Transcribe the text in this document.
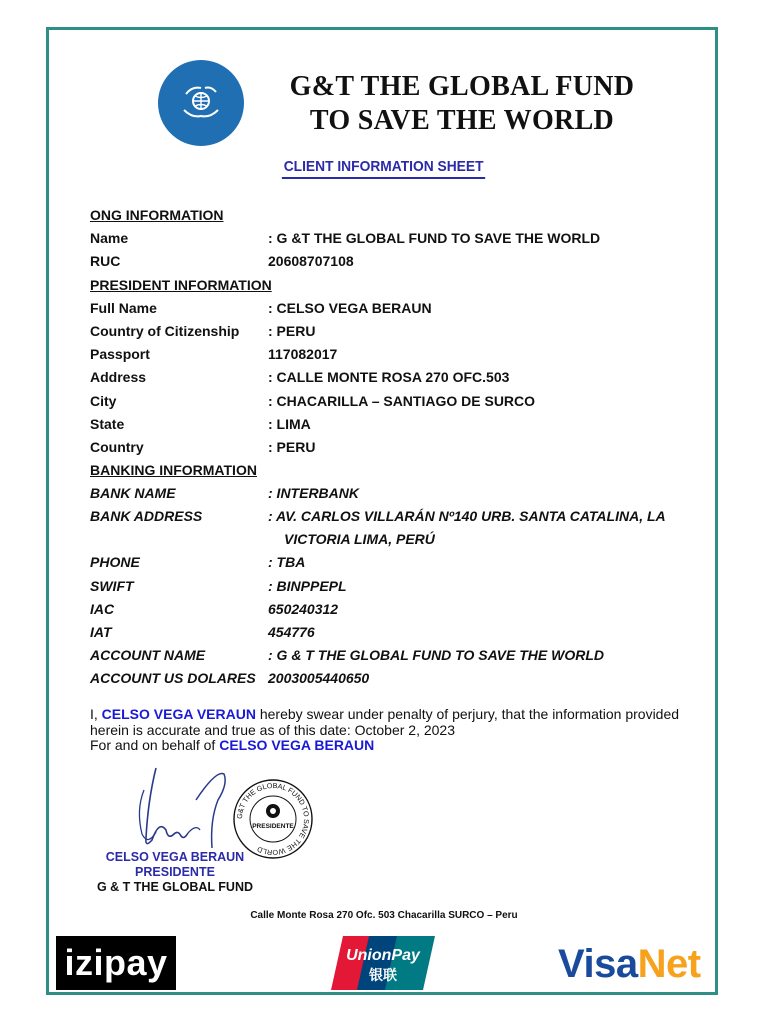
G&T THE GLOBAL FUND
TO SAVE THE WORLD
CLIENT INFORMATION SHEET
ONG INFORMATION
Name	: G &T THE GLOBAL FUND TO SAVE THE WORLD
RUC	20608707108
PRESIDENT INFORMATION
Full Name	: CELSO VEGA BERAUN
Country of Citizenship : PERU
Passport	117082017
Address	: CALLE MONTE ROSA 270 OFC.503
City	: CHACARILLA – SANTIAGO DE SURCO
State	: LIMA
Country	: PERU
BANKING INFORMATION
BANK NAME	: INTERBANK
BANK ADDRESS	: AV. CARLOS VILLARÁN Nº140 URB. SANTA CATALINA, LA
VICTORIA LIMA, PERÚ
PHONE	: TBA
SWIFT	: BINPPEPL
IAC	650240312
IAT	454776
ACCOUNT NAME	: G & T THE GLOBAL FUND TO SAVE THE WORLD
ACCOUNT US DOLARES 2003005440650
I, CELSO VEGA VERAUN hereby swear under penalty of perjury, that the information provided herein is accurate and true as of this date: October 2, 2023
For and on behalf of CELSO VEGA BERAUN
G&T THE GLOBAL FUND TO SAVE THE WORLD
PRESIDENTE
CELSO VEGA BERAUN
PRESIDENTE
G & T THE GLOBAL FUND
Calle Monte Rosa 270 Ofc. 503 Chacarilla SURCO – Peru
izipay	UnionPay
银联	VisaNet
